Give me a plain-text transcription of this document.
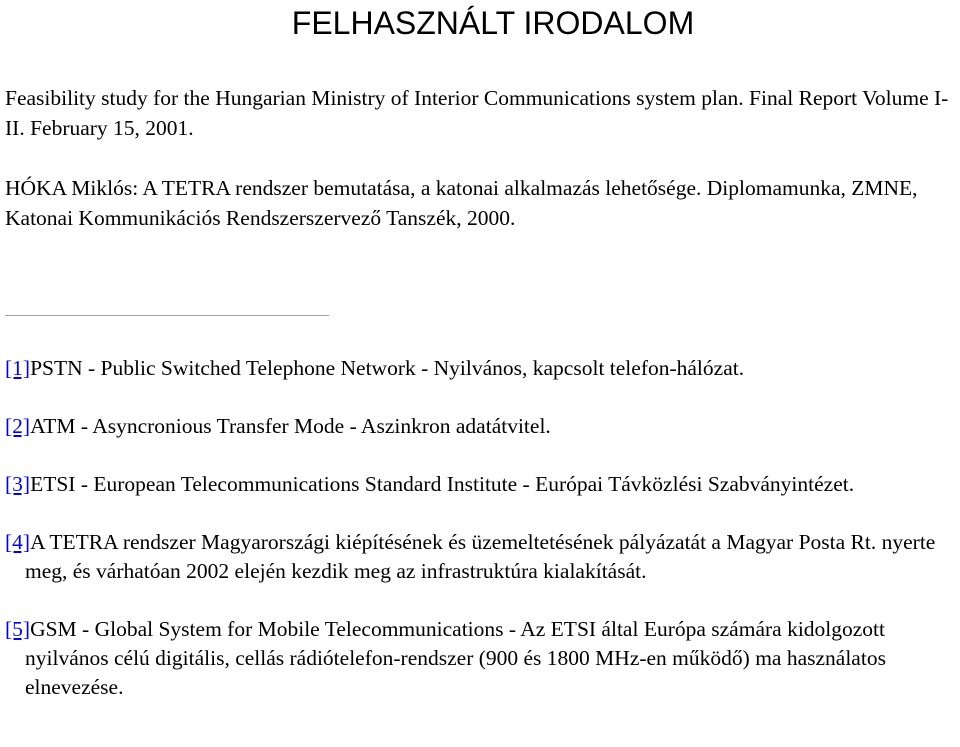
FELHASZNÁLT IRODALOM

Feasibility study for the Hungarian Ministry of Interior Communications system plan. Final Report Volume I-II. February 15, 2001.

HÓKA Miklós: A TETRA rendszer bemutatása, a katonai alkalmazás lehetősége. Diplomamunka, ZMNE, Katonai Kommunikációs Rendszerszervező Tanszék, 2000.

[1]PSTN - Public Switched Telephone Network - Nyilvános, kapcsolt telefon-hálózat.

[2]ATM - Asyncronious Transfer Mode - Aszinkron adatátvitel.

[3]ETSI - European Telecommunications Standard Institute - Európai Távközlési Szabványintézet.

[4]A TETRA rendszer Magyarországi kiépítésének és üzemeltetésének pályázatát a Magyar Posta Rt. nyerte meg, és várhatóan 2002 elején kezdik meg az infrastruktúra kialakítását.

[5]GSM - Global System for Mobile Telecommunications - Az ETSI által Európa számára kidolgozott nyilvános célú digitális, cellás rádiótelefon-rendszer (900 és 1800 MHz-en működő) ma használatos elnevezése.
